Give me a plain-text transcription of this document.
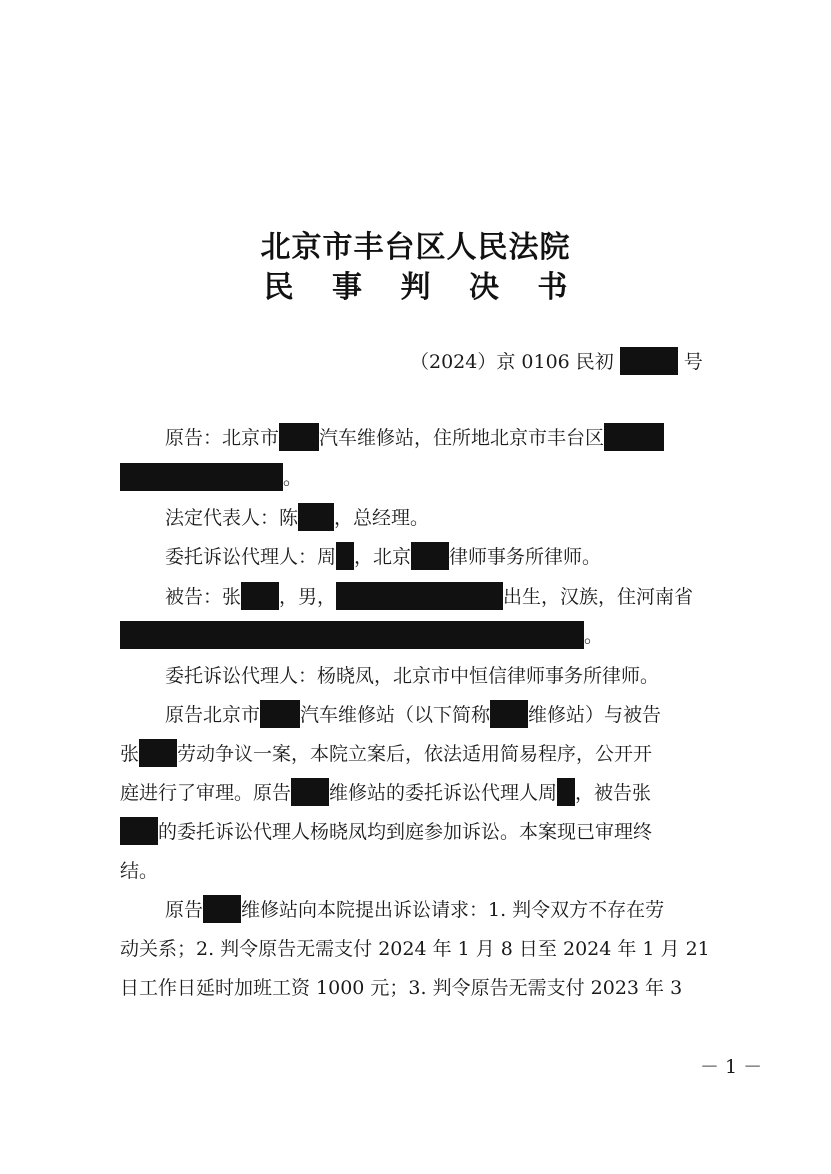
北京市丰台区人民法院
民 事 判 决 书
（2024）京 0106 民初	号
原告：北京市 汽车维修站，住所地北京市丰台区
。
法定代表人：陈 ，总经理。
委托诉讼代理人：周 ，北京 律师事务所律师。
被告：张 ，男，	出生，汉族，住河南省
。
委托诉讼代理人：杨晓凤，北京市中恒信律师事务所律师。
原告北京市 汽车维修站（以下简称 维修站）与被告
张 劳动争议一案，本院立案后，依法适用简易程序，公开开
庭进行了审理。原告 维修站的委托诉讼代理人周 ，被告张
的委托诉讼代理人杨晓凤均到庭参加诉讼。本案现已审理终
结。
原告 维修站向本院提出诉讼请求：1. 判令双方不存在劳
动关系；2. 判令原告无需支付 2024 年 1 月 8 日至 2024 年 1 月 21
日工作日延时加班工资 1000 元；3. 判令原告无需支付 2023 年 3
－ 1 －
